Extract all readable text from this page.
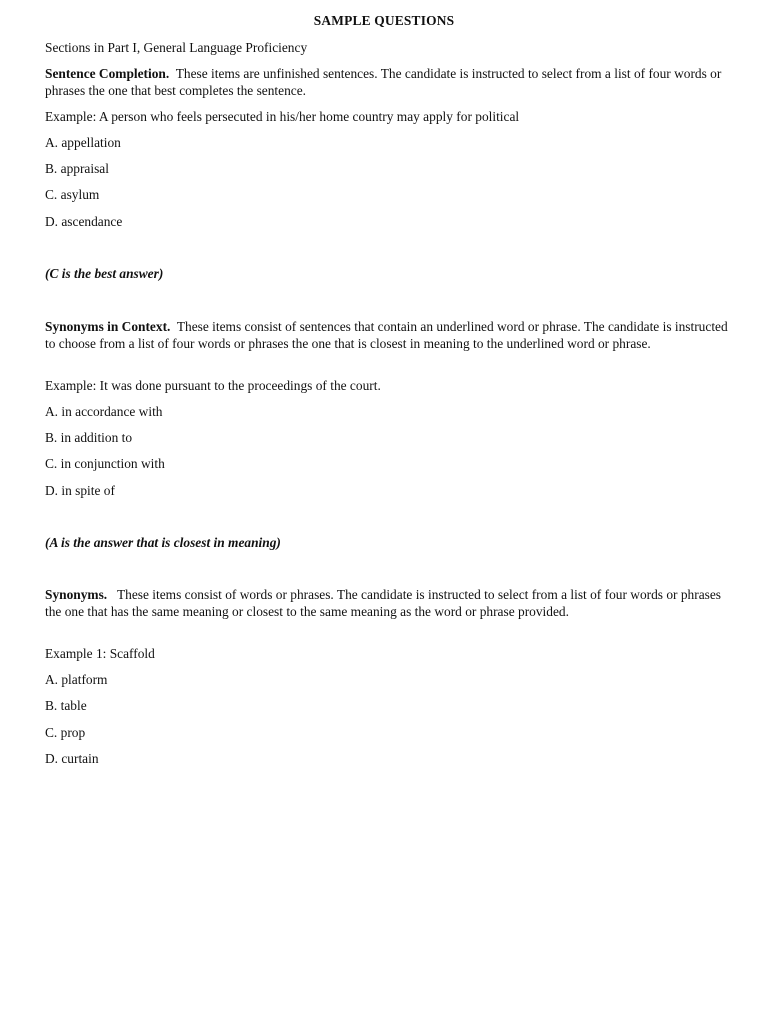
SAMPLE QUESTIONS

Sections in Part I, General Language Proficiency

Sentence Completion. These items are unfinished sentences. The candidate is instructed to select from a list of four words or phrases the one that best completes the sentence.

Example: A person who feels persecuted in his/her home country may apply for political

A. appellation

B. appraisal

C. asylum

D. ascendance

(C is the best answer)

Synonyms in Context. These items consist of sentences that contain an underlined word or phrase. The candidate is instructed to choose from a list of four words or phrases the one that is closest in meaning to the underlined word or phrase.

Example: It was done pursuant to the proceedings of the court.

A. in accordance with

B. in addition to

C. in conjunction with

D. in spite of

(A is the answer that is closest in meaning)

Synonyms. These items consist of words or phrases. The candidate is instructed to select from a list of four words or phrases the one that has the same meaning or closest to the same meaning as the word or phrase provided.

Example 1: Scaffold

A. platform

B. table

C. prop

D. curtain
